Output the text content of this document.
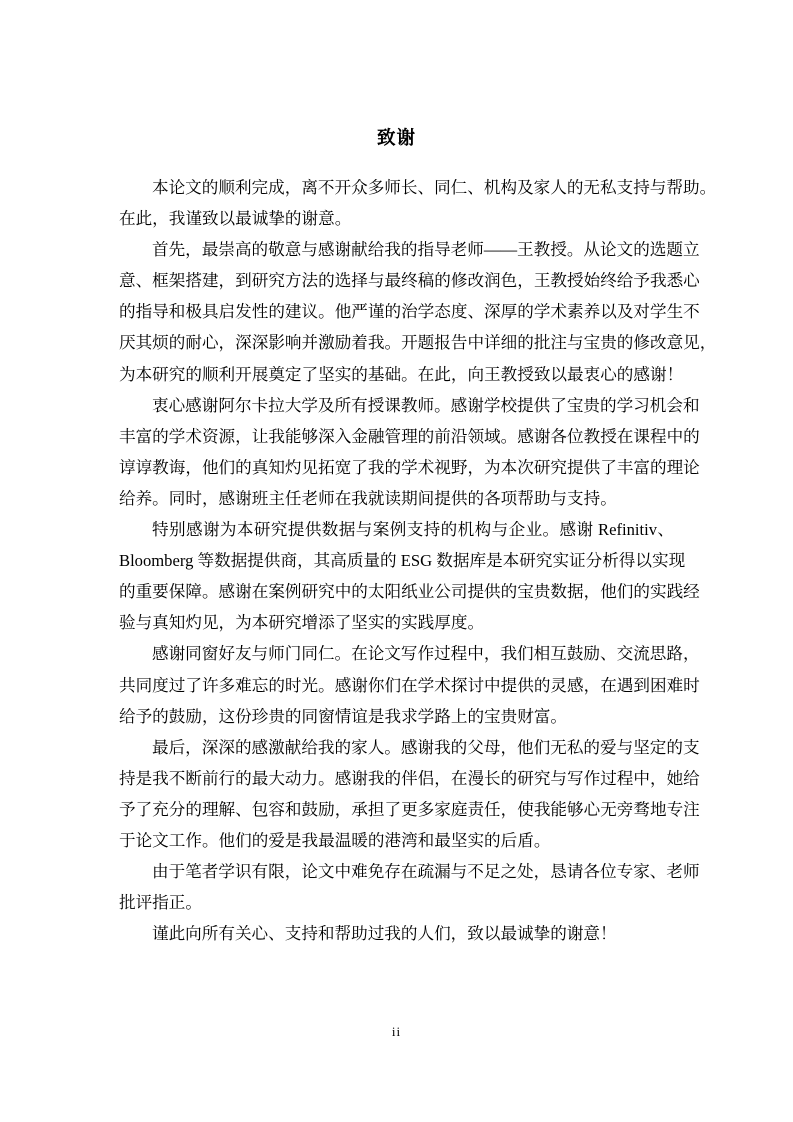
致谢
本论文的顺利完成，离不开众多师长、同仁、机构及家人的无私支持与帮助。
在此，我谨致以最诚挚的谢意。
首先，最崇高的敬意与感谢献给我的指导老师——王教授。从论文的选题立
意、框架搭建，到研究方法的选择与最终稿的修改润色，王教授始终给予我悉心
的指导和极具启发性的建议。他严谨的治学态度、深厚的学术素养以及对学生不
厌其烦的耐心，深深影响并激励着我。开题报告中详细的批注与宝贵的修改意见，
为本研究的顺利开展奠定了坚实的基础。在此，向王教授致以最衷心的感谢！
衷心感谢阿尔卡拉大学及所有授课教师。感谢学校提供了宝贵的学习机会和
丰富的学术资源，让我能够深入金融管理的前沿领域。感谢各位教授在课程中的
谆谆教诲，他们的真知灼见拓宽了我的学术视野，为本次研究提供了丰富的理论
给养。同时，感谢班主任老师在我就读期间提供的各项帮助与支持。
特别感谢为本研究提供数据与案例支持的机构与企业。感谢 Refinitiv、
Bloomberg 等数据提供商，其高质量的 ESG 数据库是本研究实证分析得以实现
的重要保障。感谢在案例研究中的太阳纸业公司提供的宝贵数据，他们的实践经
验与真知灼见，为本研究增添了坚实的实践厚度。
感谢同窗好友与师门同仁。在论文写作过程中，我们相互鼓励、交流思路，
共同度过了许多难忘的时光。感谢你们在学术探讨中提供的灵感，在遇到困难时
给予的鼓励，这份珍贵的同窗情谊是我求学路上的宝贵财富。
最后，深深的感激献给我的家人。感谢我的父母，他们无私的爱与坚定的支
持是我不断前行的最大动力。感谢我的伴侣，在漫长的研究与写作过程中，她给
予了充分的理解、包容和鼓励，承担了更多家庭责任，使我能够心无旁骛地专注
于论文工作。他们的爱是我最温暖的港湾和最坚实的后盾。
由于笔者学识有限，论文中难免存在疏漏与不足之处，恳请各位专家、老师
批评指正。
谨此向所有关心、支持和帮助过我的人们，致以最诚挚的谢意！
ii
